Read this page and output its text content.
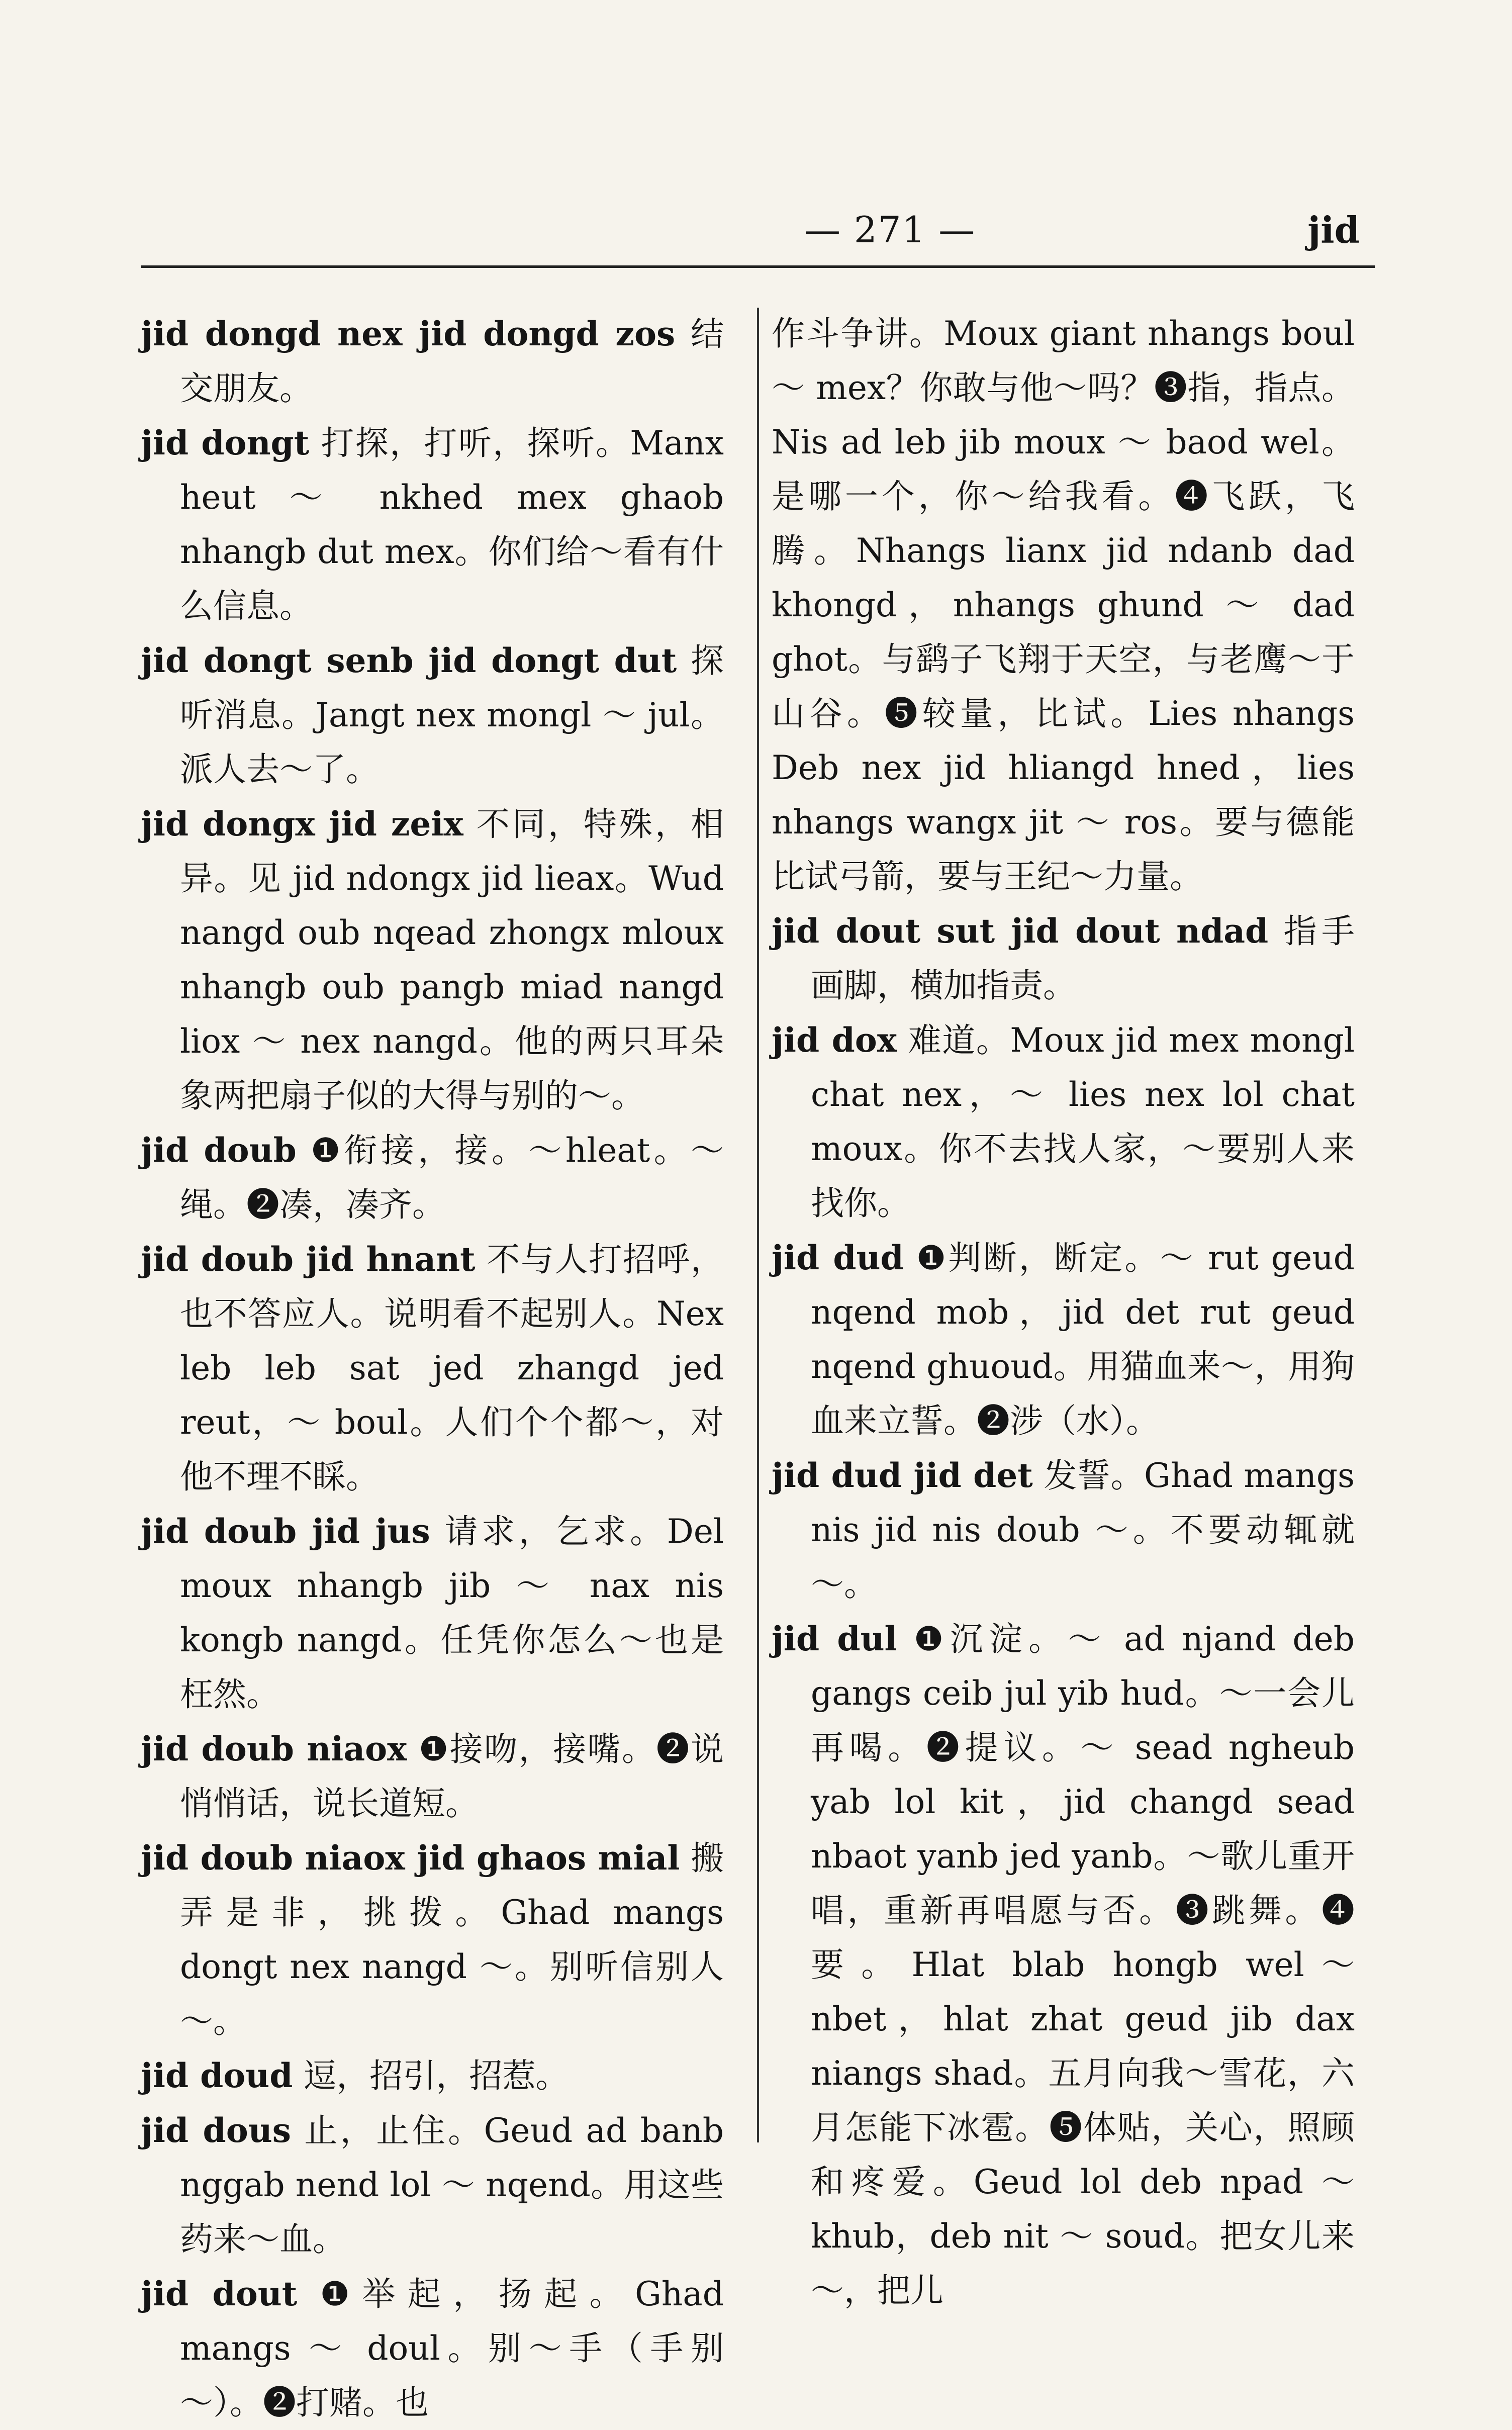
— 271 —	jid

jid dongd nex jid dongd zos 结交朋友。

jid dongt 打探，打听，探听。Manx heut ～ nkhed mex ghaob nhangb dut mex。你们给～看有什么信息。

jid dongt senb jid dongt dut 探听消息。Jangt nex mongl ～ jul。派人去～了。

jid dongx jid zeix 不同，特殊，相异。见 jid ndongx jid lieax。Wud nangd oub nqead zhongx mloux nhangb oub pangb miad nangd liox ～ nex nangd。他的两只耳朵象两把扇子似的大得与别的～。

jid doub ❶衔接，接。～hleat。～绳。❷凑，凑齐。

jid doub jid hnant 不与人打招呼，也不答应人。说明看不起别人。Nex leb leb sat jed zhangd jed reut，～ boul。人们个个都～，对他不理不睬。

jid doub jid jus 请求，乞求。Del moux nhangb jib ～ nax nis kongb nangd。任凭你怎么～也是枉然。

jid doub niaox ❶接吻，接嘴。❷说悄悄话，说长道短。

jid doub niaox jid ghaos mial 搬弄是非，挑拨。Ghad mangs dongt nex nangd ～。别听信别人～。

jid doud 逗，招引，招惹。

jid dous 止，止住。Geud ad banb nggab nend lol ～ nqend。用这些药来～血。

jid dout ❶举起，扬起。Ghad mangs ～ doul。别～手（手别～）。❷打赌。也

作斗争讲。Moux giant nhangs boul ～ mex？你敢与他～吗？❸指，指点。Nis ad leb jib moux ～ baod wel。是哪一个，你～给我看。❹飞跃，飞腾。Nhangs lianx jid ndanb dad khongd，nhangs ghund ～ dad ghot。与鹞子飞翔于天空，与老鹰～于山谷。❺较量，比试。Lies nhangs Deb nex jid hliangd hned，lies nhangs wangx jit ～ ros。要与德能比试弓箭，要与王纪～力量。

jid dout sut jid dout ndad 指手画脚，横加指责。

jid dox 难道。Moux jid mex mongl chat nex，～ lies nex lol chat moux。你不去找人家，～要别人来找你。

jid dud ❶判断，断定。～ rut geud nqend mob，jid det rut geud nqend ghuoud。用猫血来～，用狗血来立誓。❷涉（水）。

jid dud jid det 发誓。Ghad mangs nis jid nis doub ～。不要动辄就～。

jid dul ❶沉淀。～ ad njand deb gangs ceib jul yib hud。～一会儿再喝。❷提议。～ sead ngheub yab lol kit，jid changd sead nbaot yanb jed yanb。～歌儿重开唱，重新再唱愿与否。❸跳舞。❹要。Hlat blab hongb wel～nbet，hlat zhat geud jib dax niangs shad。五月向我～雪花，六月怎能下冰雹。❺体贴，关心，照顾和疼爱。Geud lol deb npad ～ khub，deb nit ～ soud。把女儿来～，把儿
